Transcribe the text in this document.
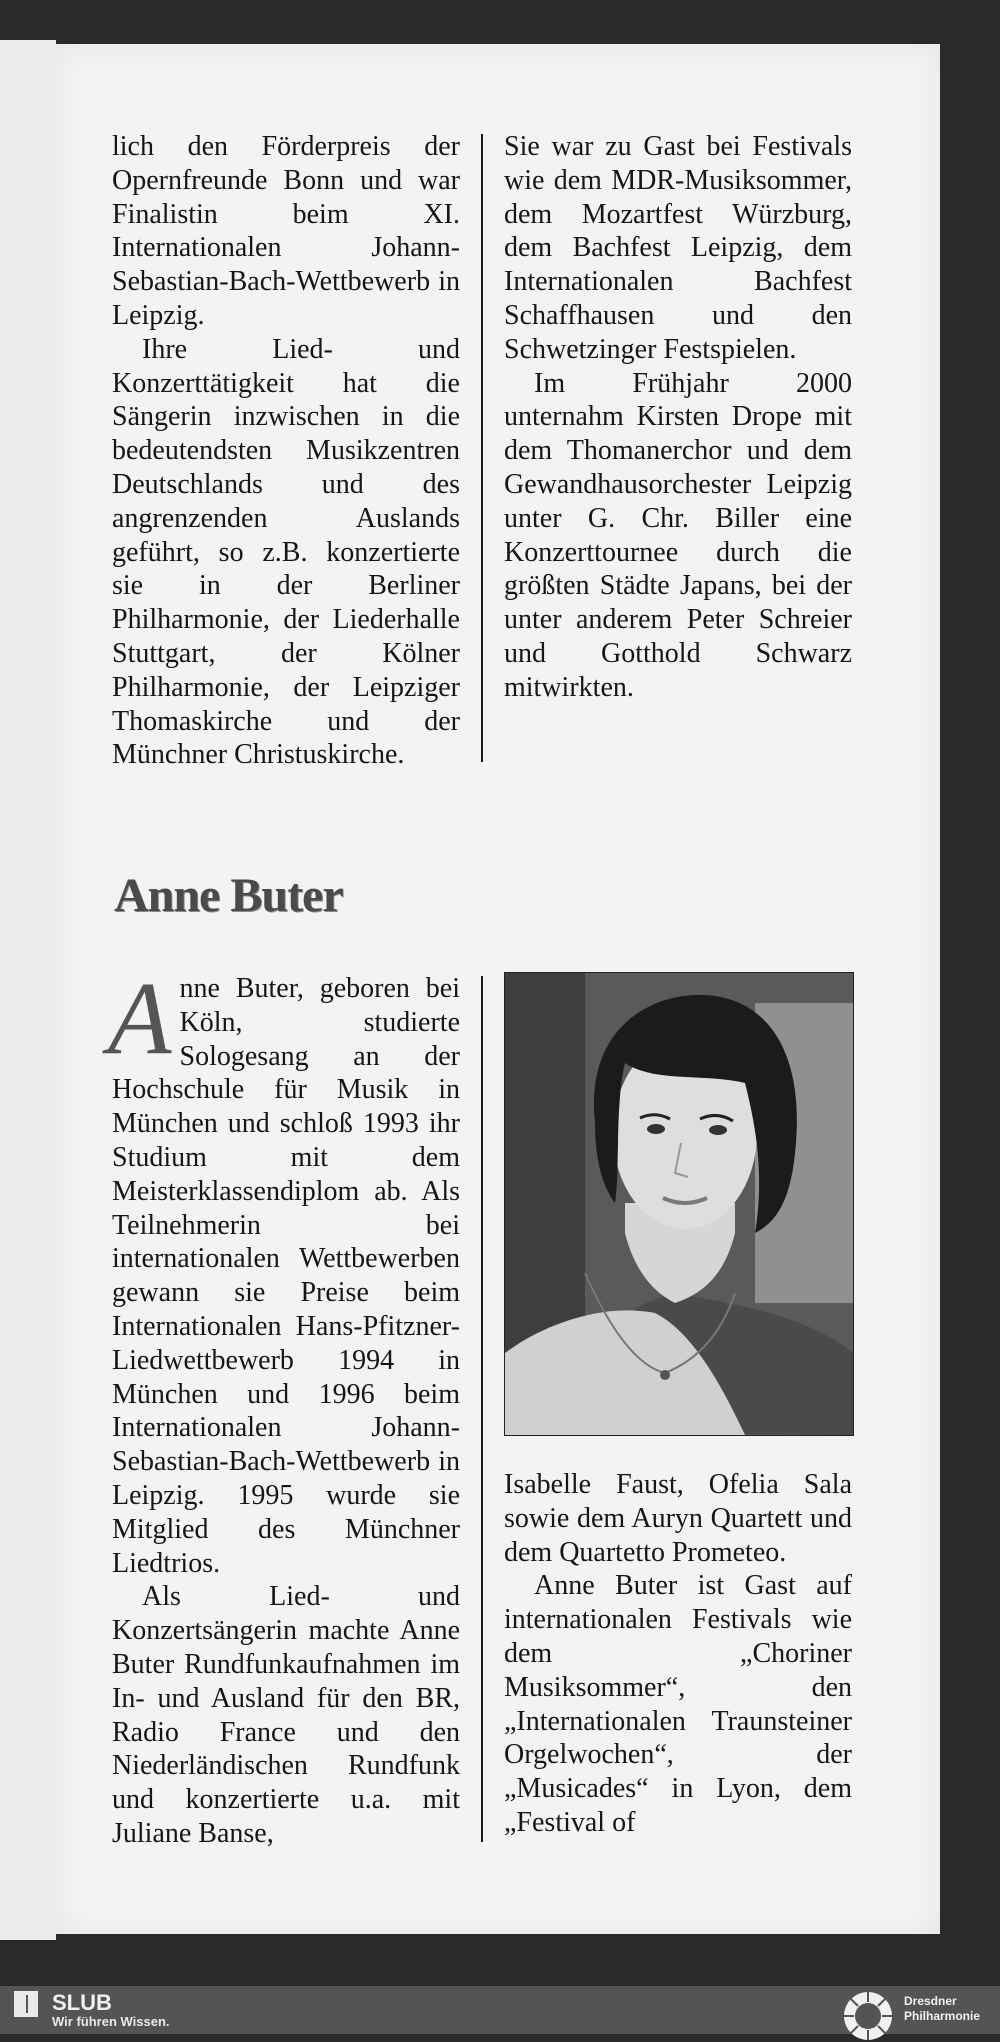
lich den Förderpreis der Opernfreunde Bonn und war Finalistin beim XI. Internationalen Johann-Sebastian-Bach-Wettbewerb in Leipzig.

Ihre Lied- und Konzerttätigkeit hat die Sängerin inzwischen in die bedeutendsten Musikzentren Deutschlands und des angrenzenden Auslands geführt, so z.B. konzertierte sie in der Berliner Philharmonie, der Liederhalle Stuttgart, der Kölner Philharmonie, der Leipziger Thomaskirche und der Münchner Christuskirche.

Sie war zu Gast bei Festivals wie dem MDR-Musiksommer, dem Mozartfest Würzburg, dem Bachfest Leipzig, dem Internationalen Bachfest Schaffhausen und den Schwetzinger Festspielen.

Im Frühjahr 2000 unternahm Kirsten Drope mit dem Thomanerchor und dem Gewandhausorchester Leipzig unter G. Chr. Biller eine Konzerttournee durch die größten Städte Japans, bei der unter anderem Peter Schreier und Gotthold Schwarz mitwirkten.

Anne Buter

Anne Buter, geboren bei Köln, studierte Sologesang an der Hochschule für Musik in München und schloß 1993 ihr Studium mit dem Meisterklassendiplom ab. Als Teilnehmerin bei internationalen Wettbewerben gewann sie Preise beim Internationalen Hans-Pfitzner-Liedwettbewerb 1994 in München und 1996 beim Internationalen Johann-Sebastian-Bach-Wettbewerb in Leipzig. 1995 wurde sie Mitglied des Münchner Liedtrios.

Als Lied- und Konzertsängerin machte Anne Buter Rundfunkaufnahmen im In- und Ausland für den BR, Radio France und den Niederländischen Rundfunk und konzertierte u.a. mit Juliane Banse,

Isabelle Faust, Ofelia Sala sowie dem Auryn Quartett und dem Quartetto Prometeo.

Anne Buter ist Gast auf internationalen Festivals wie dem „Choriner Musiksommer“, den „Internationalen Traunsteiner Orgelwochen“, der „Musicades“ in Lyon, dem „Festival of

SLUB
Wir führen Wissen.
Dresdner
Philharmonie
